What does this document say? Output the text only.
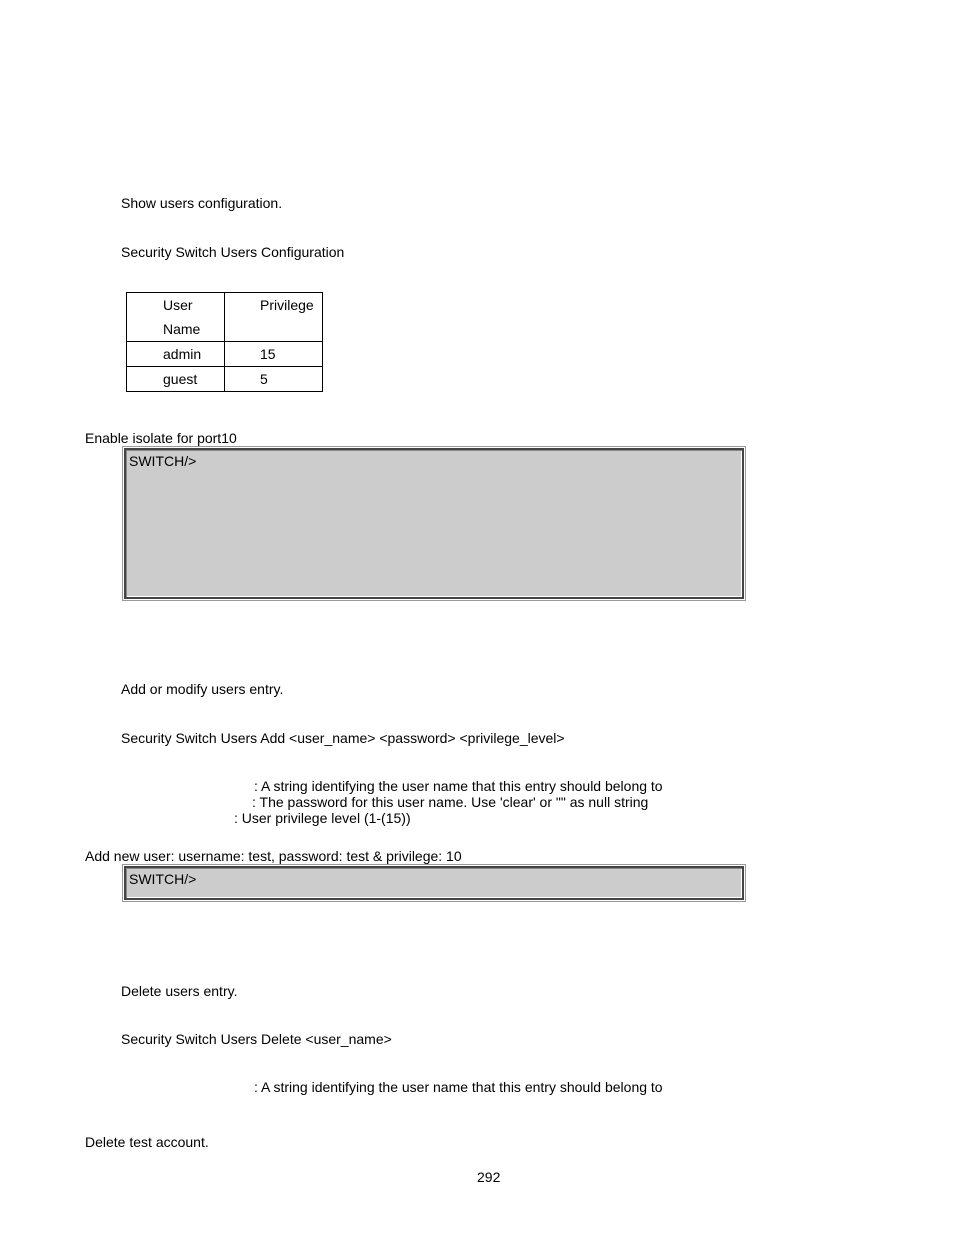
Show users configuration.
Security Switch Users Configuration
User
Name	Privilege

admin	15

guest	5
Enable isolate for port10
SWITCH/>
Add or modify users entry.
Security Switch Users Add <user_name> <password> <privilege_level>
: A string identifying the user name that this entry should belong to
: The password for this user name. Use 'clear' or "" as null string
: User privilege level (1-(15))
Add new user: username: test, password: test & privilege: 10
SWITCH/>
Delete users entry.
Security Switch Users Delete <user_name>
: A string identifying the user name that this entry should belong to
Delete test account.
292
